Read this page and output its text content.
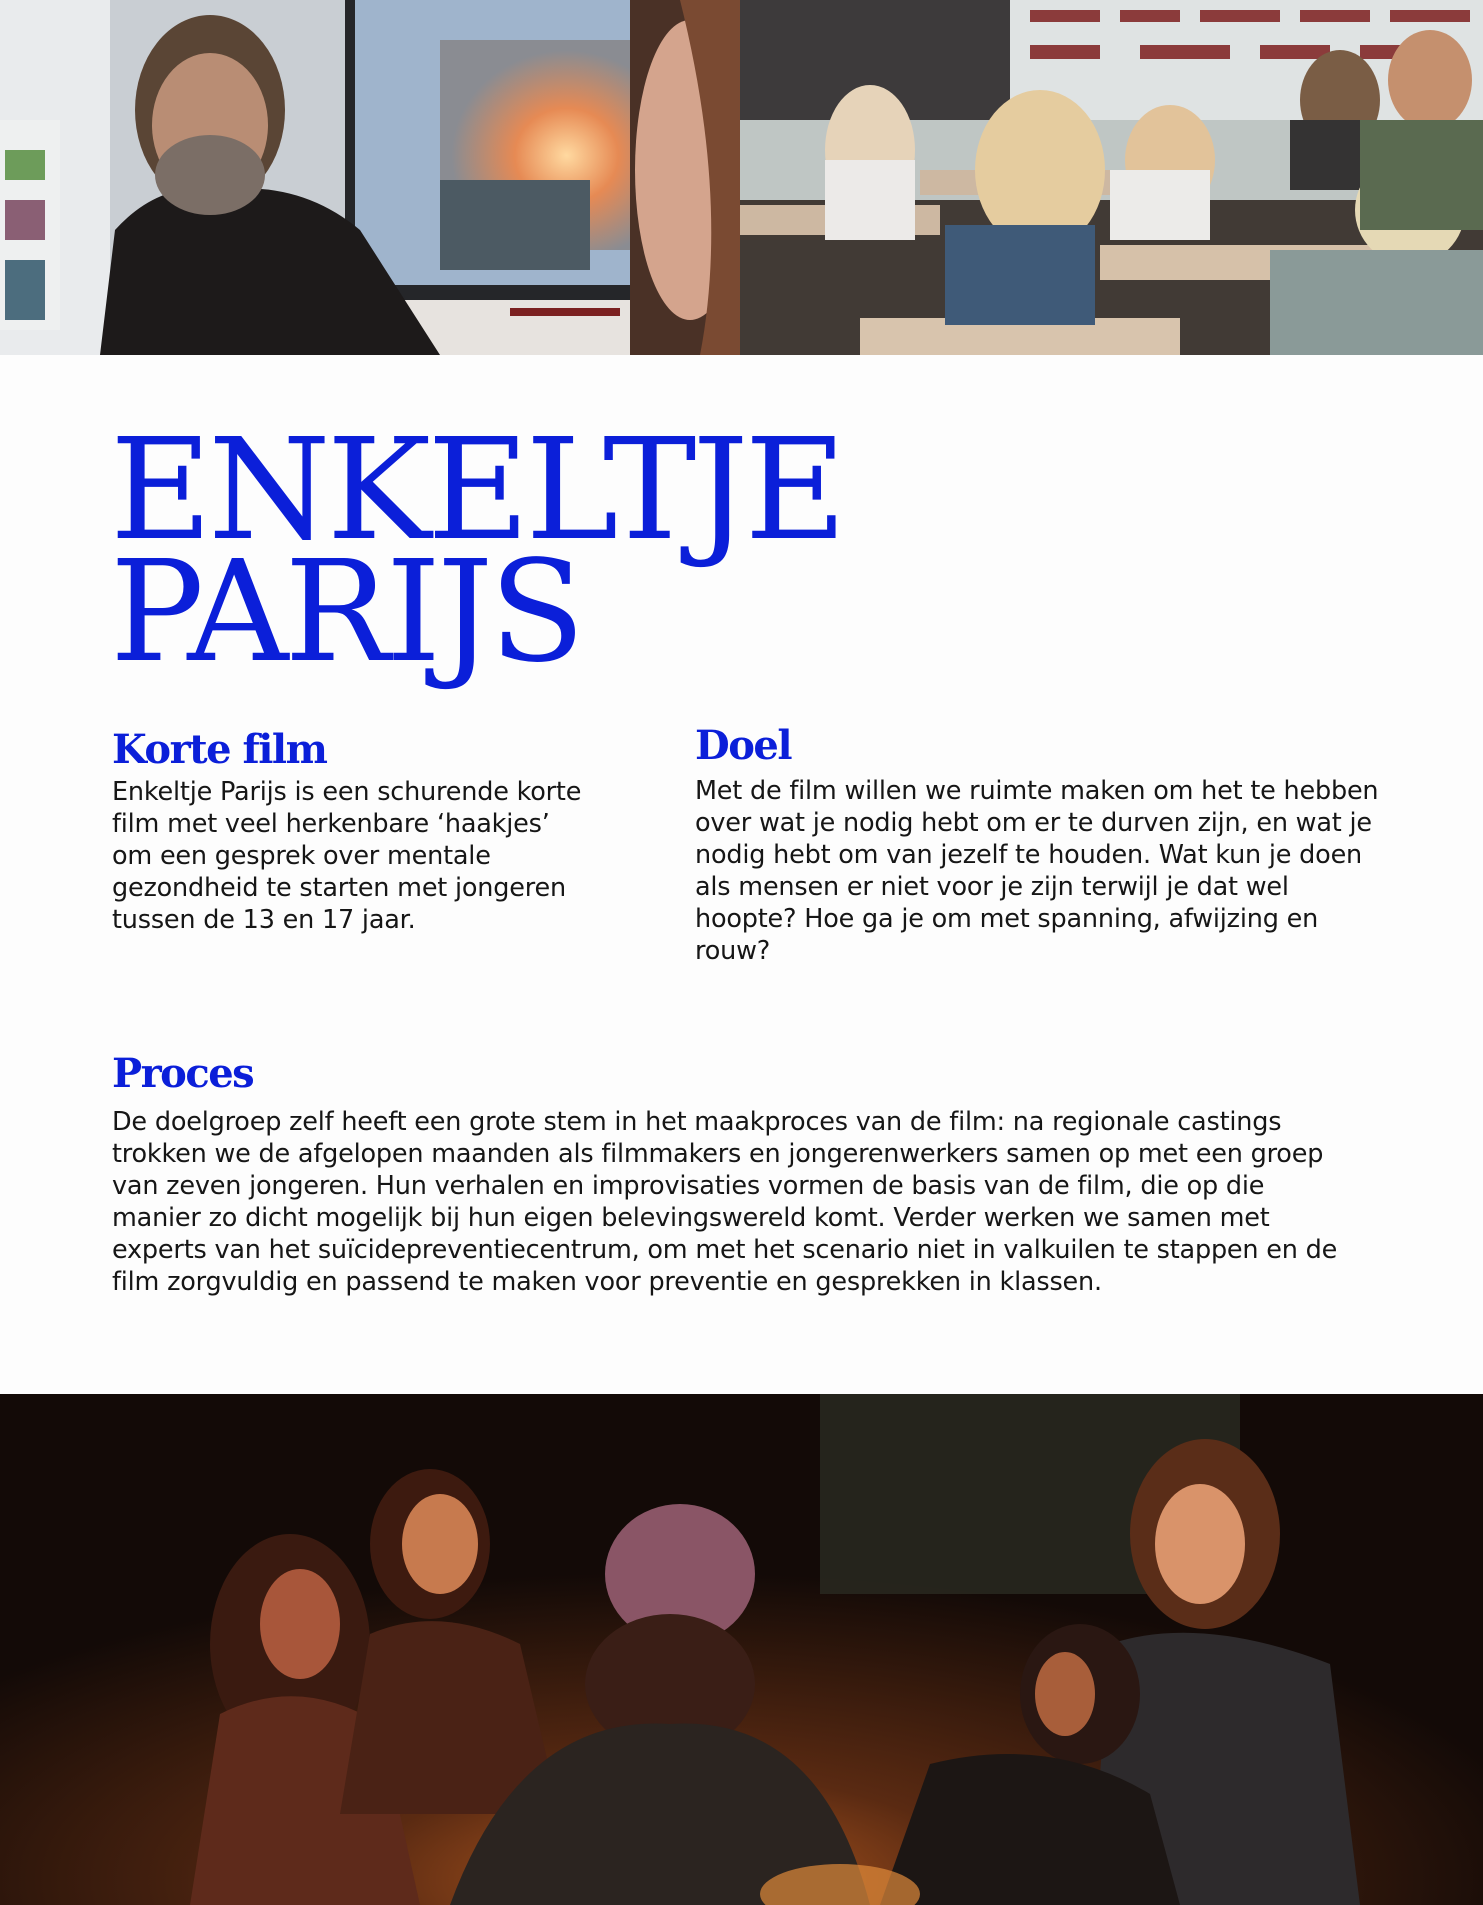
ENKELTJE
PARIJS
Korte film

Enkeltje Parijs is een schurende korte film met veel herkenbare ‘haakjes’ om een gesprek over mentale gezondheid te starten met jongeren tussen de 13 en 17 jaar.

Doel

Met de film willen we ruimte maken om het te hebben over wat je nodig hebt om er te durven zijn, en wat je nodig hebt om van jezelf te houden. Wat kun je doen als mensen er niet voor je zijn terwijl je dat wel hoopte? Hoe ga je om met spanning, afwijzing en rouw?

Proces

De doelgroep zelf heeft een grote stem in het maakproces van de film: na regionale castings trokken we de afgelopen maanden als filmmakers en jongerenwerkers samen op met een groep van zeven jongeren. Hun verhalen en improvisaties vormen de basis van de film, die op die manier zo dicht mogelijk bij hun eigen belevingswereld komt. Verder werken we samen met experts van het suïcidepreventiecentrum, om met het scenario niet in valkuilen te stappen en de film zorgvuldig en passend te maken voor preventie en gesprekken in klassen.
